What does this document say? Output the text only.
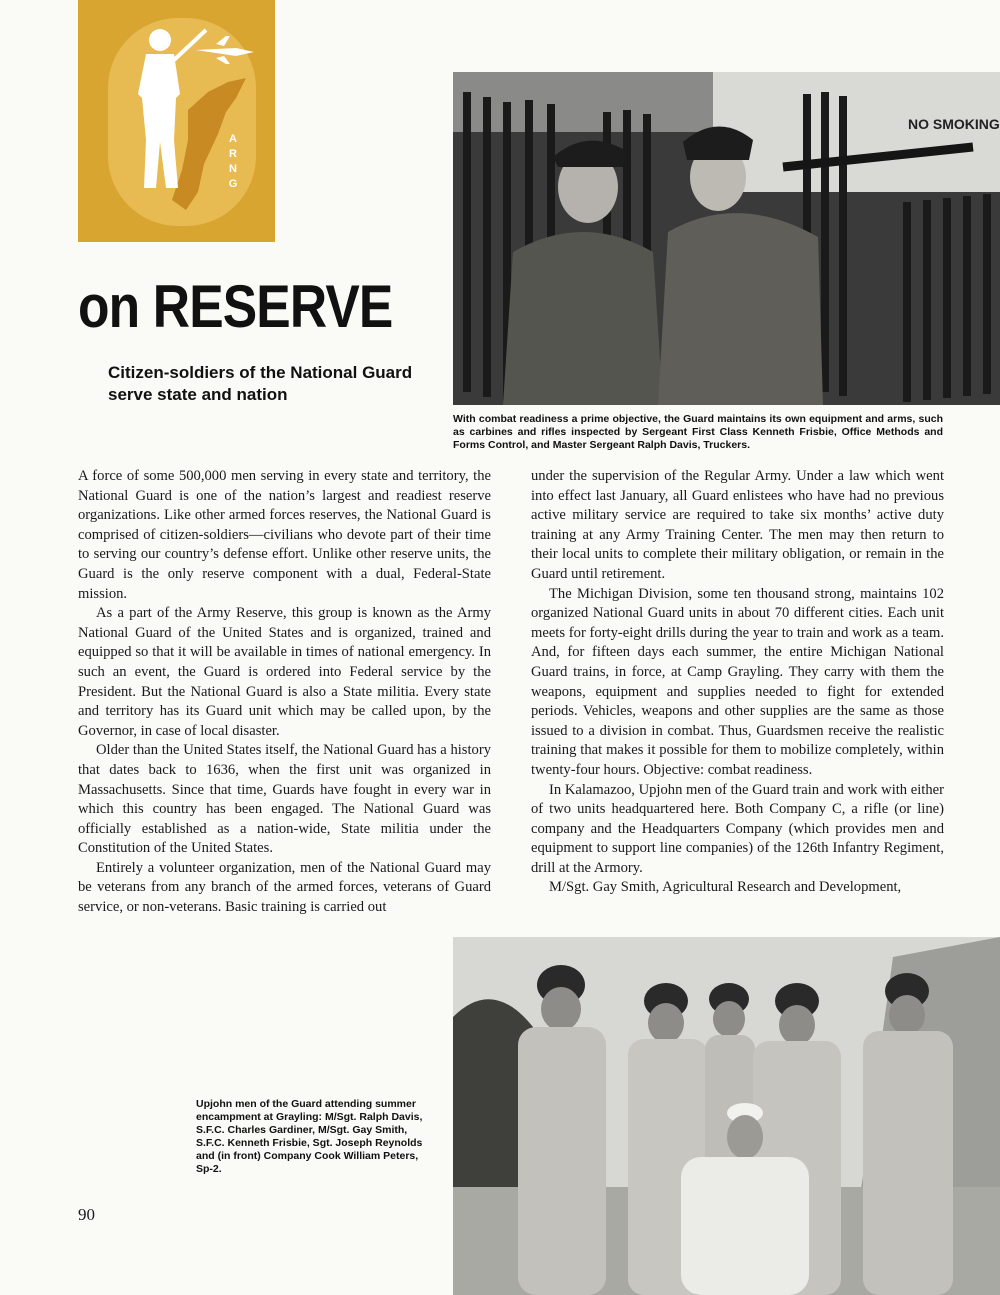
A
R
N
G
on RESERVE
Citizen-soldiers of the National Guard serve state and nation
NO SMOKING

With combat readiness a prime objective, the Guard maintains its own equipment and arms, such as carbines and rifles inspected by Sergeant First Class Kenneth Frisbie, Office Methods and Forms Control, and Master Sergeant Ralph Davis, Truckers.

A force of some 500,000 men serving in every state and territory, the National Guard is one of the nation’s largest and readiest reserve organizations. Like other armed forces reserves, the National Guard is comprised of citizen-soldiers—civilians who devote part of their time to serving our country’s defense effort. Unlike other reserve units, the Guard is the only reserve component with a dual, Federal-State mission.

As a part of the Army Reserve, this group is known as the Army National Guard of the United States and is organized, trained and equipped so that it will be available in times of national emergency. In such an event, the Guard is ordered into Federal service by the President. But the National Guard is also a State militia. Every state and territory has its Guard unit which may be called upon, by the Governor, in case of local disaster.

Older than the United States itself, the National Guard has a history that dates back to 1636, when the first unit was organized in Massachusetts. Since that time, Guards have fought in every war in which this country has been engaged. The National Guard was officially established as a nation-wide, State militia under the Constitution of the United States.

Entirely a volunteer organization, men of the National Guard may be veterans from any branch of the armed forces, veterans of Guard service, or non-veterans. Basic training is carried out

under the supervision of the Regular Army. Under a law which went into effect last January, all Guard enlistees who have had no previous active military service are required to take six months’ active duty training at any Army Training Center. The men may then return to their local units to complete their military obligation, or remain in the Guard until retirement.

The Michigan Division, some ten thousand strong, maintains 102 organized National Guard units in about 70 different cities. Each unit meets for forty-eight drills during the year to train and work as a team. And, for fifteen days each summer, the entire Michigan National Guard trains, in force, at Camp Grayling. They carry with them the weapons, equipment and supplies needed to fight for extended periods. Vehicles, weapons and other supplies are the same as those issued to a division in combat. Thus, Guardsmen receive the realistic training that makes it possible for them to mobilize completely, within twenty-four hours. Objective: combat readiness.

In Kalamazoo, Upjohn men of the Guard train and work with either of two units headquartered here. Both Company C, a rifle (or line) company and the Headquarters Company (which provides men and equipment to support line companies) of the 126th Infantry Regiment, drill at the Armory.

M/Sgt. Gay Smith, Agricultural Research and Development,

Upjohn men of the Guard attending summer encampment at Grayling: M/Sgt. Ralph Davis, S.F.C. Charles Gardiner, M/Sgt. Gay Smith, S.F.C. Kenneth Frisbie, Sgt. Joseph Reynolds and (in front) Company Cook William Peters, Sp-2.

90
